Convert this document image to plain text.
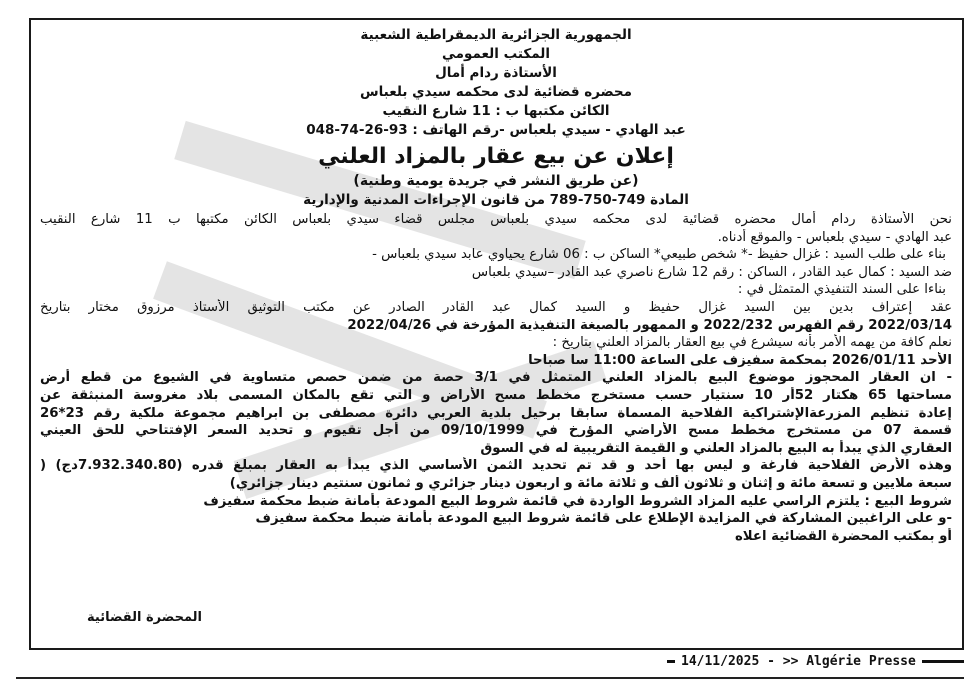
الجمهورية الجزائرية الديمقراطية الشعبية
المكتب العمومي
الأستاذة ردام أمال
محضره قضائية لدى محكمه سيدي بلعباس
الكائن مكتبها ب : 11 شارع النقيب
عبد الهادي - سيدي بلعباس -رقم الهاتف : 93-26-74-048
إعلان عن بيع عقار بالمزاد العلني
(عن طريق النشر في جريدة يومية وطنية)
المادة 749-750-789 من قانون الإجراءات المدنية والإدارية
نحن الأستاذة ردام أمال محضره قضائية لدى محكمه سيدي بلعباس مجلس قضاء سيدي بلعباس الكائن مكتبها ب 11 شارع النقيب
عبد الهادي - سيدي بلعباس - والموقع أدناه.
بناء على طلب السيد : غزال حفيظ -* شخص طبيعي* الساكن ب : 06 شارع يحياوي عابد سيدي بلعباس -
ضد السيد : كمال عبد القادر ، الساكن : رقم 12 شارع ناصري عبد القادر –سيدي بلعباس
بناءا على السند التنفيذي المتمثل في :
عقد إعتراف بدين بين السيد غزال حفيظ و السيد كمال عبد القادر الصادر عن مكتب التوثيق الأستاذ مرزوق مختار بتاريخ
2022/03/14 رقم الفهرس 2022/232 و الممهور بالصيغة التنفيذية المؤرخة في 2022/04/26
نعلم كافة من يهمه الأمر بأنه سيشرع في بيع العقار بالمزاد العلني بتاريخ :
الأحد 2026/01/11 بمحكمة سفيزف على الساعة 11:00 سا صباحا
- ان العقار المحجوز موضوع البيع بالمزاد العلني المتمثل في 3/1 حصة من ضمن حصص متساوية في الشيوع من قطع أرض
مساحتها 65 هكتار 52أر 10 سنتيار حسب مستخرج مخطط مسح الأراض و التي تقع بالمكان المسمى بلاد مغروسة المنبثقة عن
إعادة تنظيم المزرعةالإشتراكية الفلاحية المسماة سابقا برحيل بلدية العربي دائرة مصطفى بن ابراهيم مجموعة ملكية رقم 23*26
قسمة 07 من مستخرج مخطط مسح الأراضي المؤرخ في 09/10/1999 من أجل تقيوم و تحديد السعر الإفتتاحي للحق العيني
العقاري الذي يبدأ به البيع بالمزاد العلني و القيمة التقريبية له في السوق
وهذه الأرض الفلاحية فارغة و ليس بها أحد و قد تم تحديد الثمن الأساسي الذي يبدأ به العقار بمبلغ قدره (7.932.340.80دج) (
سبعة ملايين و تسعة مائة و إثنان و ثلاثون ألف و ثلاثة مائة و اربعون دينار جزائري و ثمانون سنتيم دينار جزائري)
شروط البيع : يلتزم الراسي عليه المزاد الشروط الواردة في قائمة شروط البيع المودعة بأمانة ضبط محكمة سفيزف
-و على الراغبين المشاركة في المزايدة الإطلاع على قائمة شروط البيع المودعة بأمانة ضبط محكمة سفيزف
أو بمكتب المحضرة القضائية اعلاه
المحضرة القضائية
14/11/2025 - >> Algérie Presse
